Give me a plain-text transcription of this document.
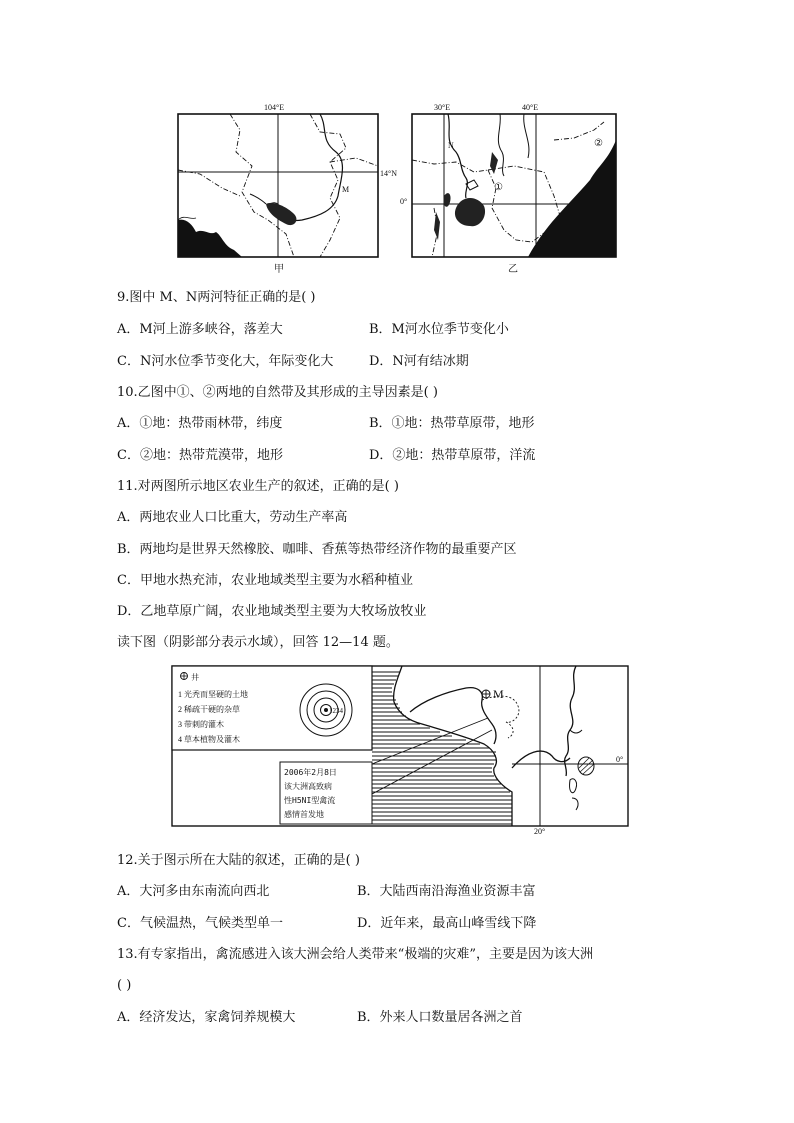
104°E
14°N
M
甲
30°E	40°E
0°
N
①
②
乙
9.图中 M、N两河特征正确的是( )
A．M河上游多峡谷，落差大	B．M河水位季节变化小
C．N河水位季节变化大，年际变化大	D．N河有结冰期
10.乙图中①、②两地的自然带及其形成的主导因素是( )
A．①地：热带雨林带，纬度	B．①地：热带草原带，地形
C．②地：热带荒漠带，地形	D．②地：热带草原带，洋流
11.对两图所示地区农业生产的叙述，正确的是( )
A．两地农业人口比重大，劳动生产率高
B．两地均是世界天然橡胶、咖啡、香蕉等热带经济作物的最重要产区
C．甲地水热充沛，农业地域类型主要为水稻种植业
D．乙地草原广阔，农业地域类型主要为大牧场放牧业
读下图（阴影部分表示水域），回答 12—14 题。
井
1 光秃而坚硬的土地
2 稀疏干硬的杂草
3 带刺的灌木
4 草本植物及灌木
1234
M
2006年2月8日
该大洲高致病
性H5NI型禽流
感情首发地
0°
20°
12.关于图示所在大陆的叙述，正确的是( )
A．大河多由东南流向西北	B．大陆西南沿海渔业资源丰富
C．气候温热，气候类型单一	D．近年来，最高山峰雪线下降
13.有专家指出，禽流感进入该大洲会给人类带来“极端的灾难”，主要是因为该大洲
( )
A．经济发达，家禽饲养规模大	B．外来人口数量居各洲之首
